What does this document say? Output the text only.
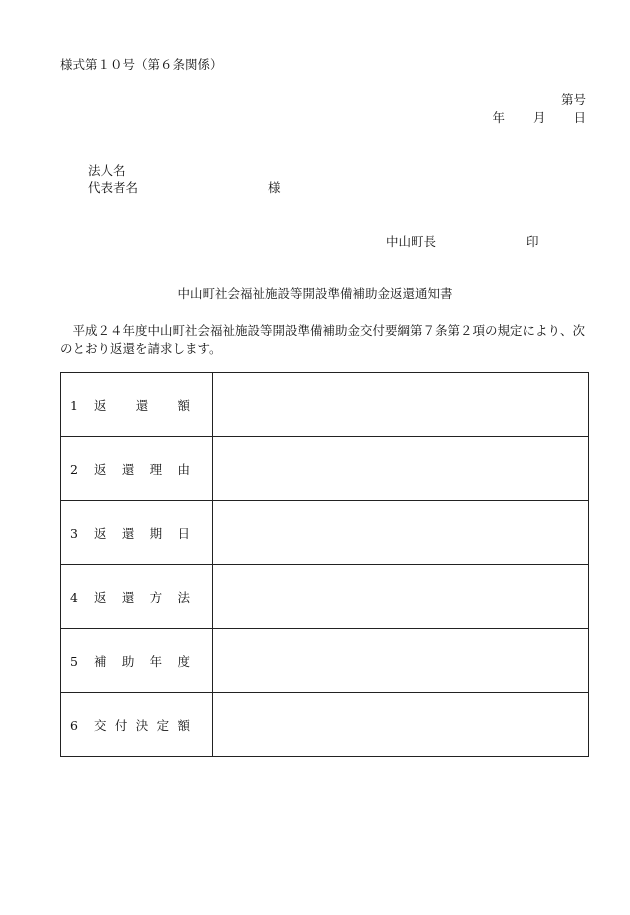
様式第１０号（第６条関係）
第号
年 月 日
法人名
代表者名	様
中山町長	印
中山町社会福祉施設等開設準備補助金返還通知書
　平成２４年度中山町社会福祉施設等開設準備補助金交付要綱第７条第２項の規定により、次のとおり返還を請求します。
1 返還額	
2 返還理由	
3 返還期日	
4 返還方法	
5 補助年度	
6 交付決定額	
